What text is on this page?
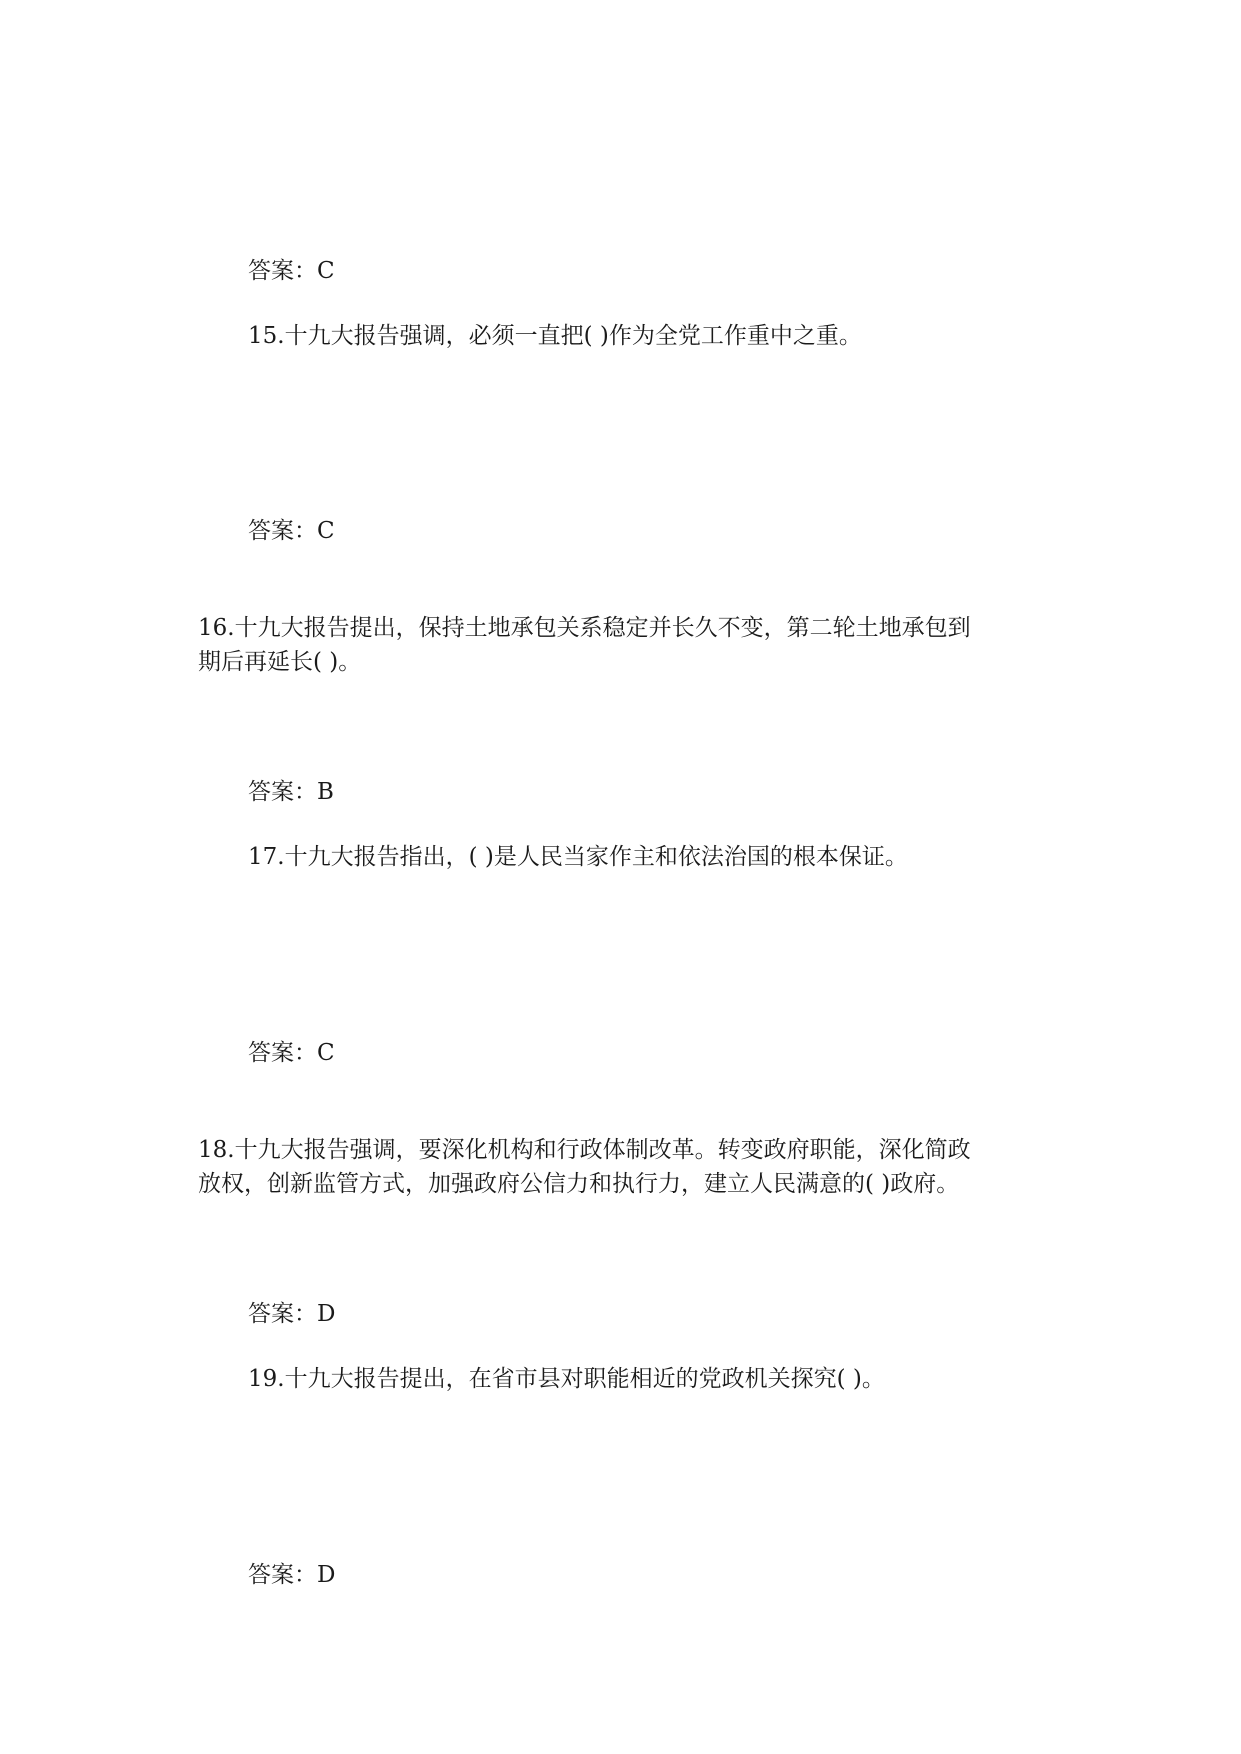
答案：C

15.十九大报告强调，必须一直把( )作为全党工作重中之重。

答案：C

16.十九大报告提出，保持土地承包关系稳定并长久不变，第二轮土地承包到

期后再延长( )。

答案：B

17.十九大报告指出，( )是人民当家作主和依法治国的根本保证。

答案：C

18.十九大报告强调，要深化机构和行政体制改革。转变政府职能，深化简政

放权，创新监管方式，加强政府公信力和执行力，建立人民满意的( )政府。

答案：D

19.十九大报告提出，在省市县对职能相近的党政机关探究( )。

答案：D
